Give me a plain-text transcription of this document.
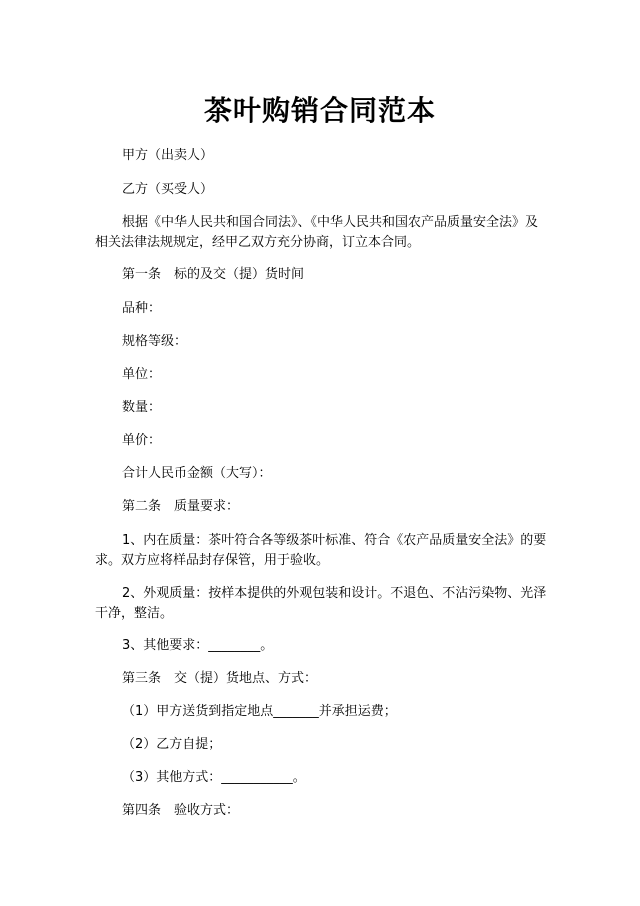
茶叶购销合同范本

甲方（出卖人）

乙方（买受人）

根据《中华人民共和国合同法》、《中华人民共和国农产品质量安全法》及相关法律法规规定，经甲乙双方充分协商，订立本合同。

第一条　标的及交（提）货时间

品种：

规格等级：

单位：

数量：

单价：

合计人民币金额（大写）：

第二条　质量要求：

1、内在质量：茶叶符合各等级茶叶标准、符合《农产品质量安全法》的要求。双方应将样品封存保管，用于验收。

2、外观质量：按样本提供的外观包装和设计。不退色、不沾污染物、光泽干净，整洁。

3、其他要求：________。

第三条　交（提）货地点、方式：

（1）甲方送货到指定地点_______并承担运费；

（2）乙方自提；

（3）其他方式：___________。

第四条　验收方式：
